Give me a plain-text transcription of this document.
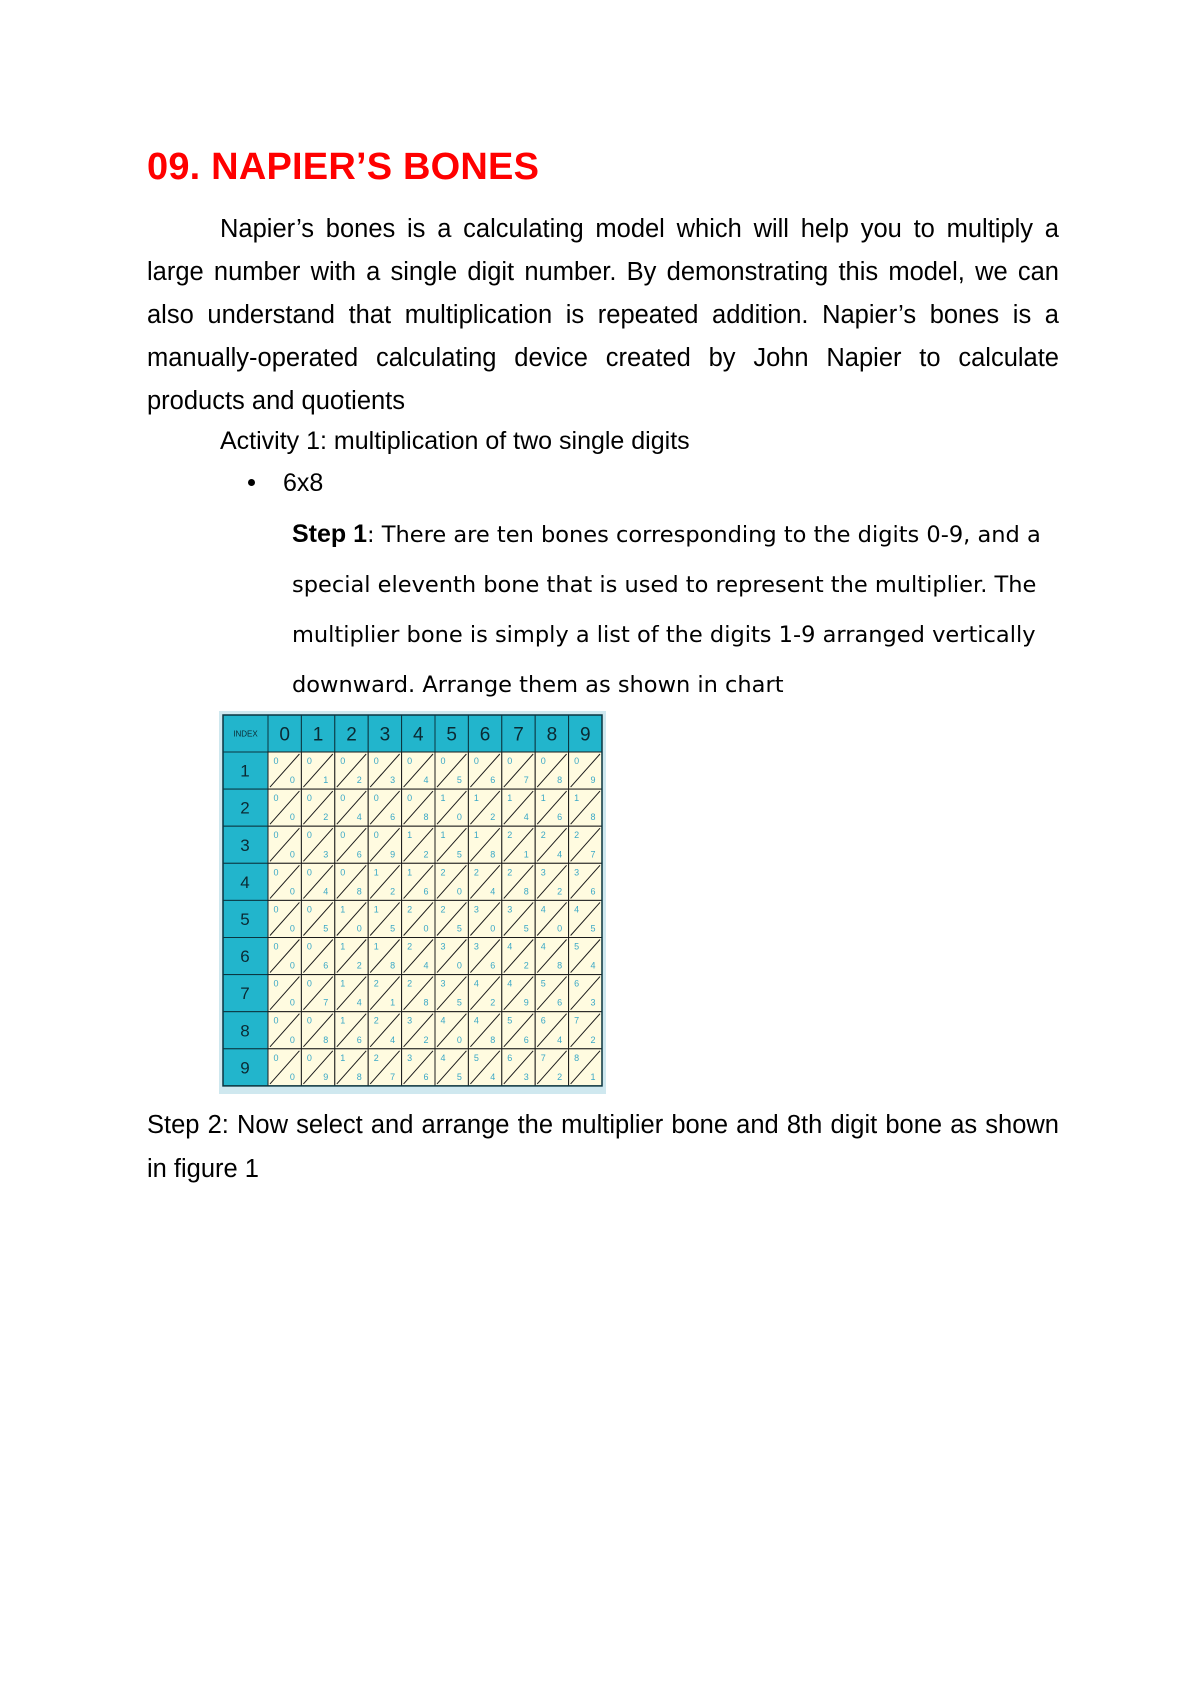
09. NAPIER’S BONES

Napier’s bones is a calculating model which will help you to multiply a large number with a single digit number. By demonstrating this model, we can also understand that multiplication is repeated addition. Napier’s bones is a manually-operated calculating device created by John Napier to calculate products and quotients

Activity 1: multiplication of two single digits

6x8

Step 1: There are ten bones corresponding to the digits 0-9, and a special eleventh bone that is used to represent the multiplier. The multiplier bone is simply a list of the digits 1-9 arranged vertically downward. Arrange them as shown in chart

INDEX 0 1 2 3 4 5 6 7 8 9
1
0
0
0
1
0
2
0
3
0
4
0
5
0
6
0
7
0
8
0
9
2
0
0
0
2
0
4
0
6
0
8
1
0
1
2
1
4
1
6
1
8
3
0
0
0
3
0
6
0
9
1
2
1
5
1
8
2
1
2
4
2
7
4
0
0
0
4
0
8
1
2
1
6
2
0
2
4
2
8
3
2
3
6
5
0
0
0
5
1
0
1
5
2
0
2
5
3
0
3
5
4
0
4
5
6
0
0
0
6
1
2
1
8
2
4
3
0
3
6
4
2
4
8
5
4
7
0
0
0
7
1
4
2
1
2
8
3
5
4
2
4
9
5
6
6
3
8
0
0
0
8
1
6
2
4
3
2
4
0
4
8
5
6
6
4
7
2
9
0
0
0
9
1
8
2
7
3
6
4
5
5
4
6
3
7
2
8
1

Step 2: Now select and arrange the multiplier bone and 8th digit bone as shown in figure 1
